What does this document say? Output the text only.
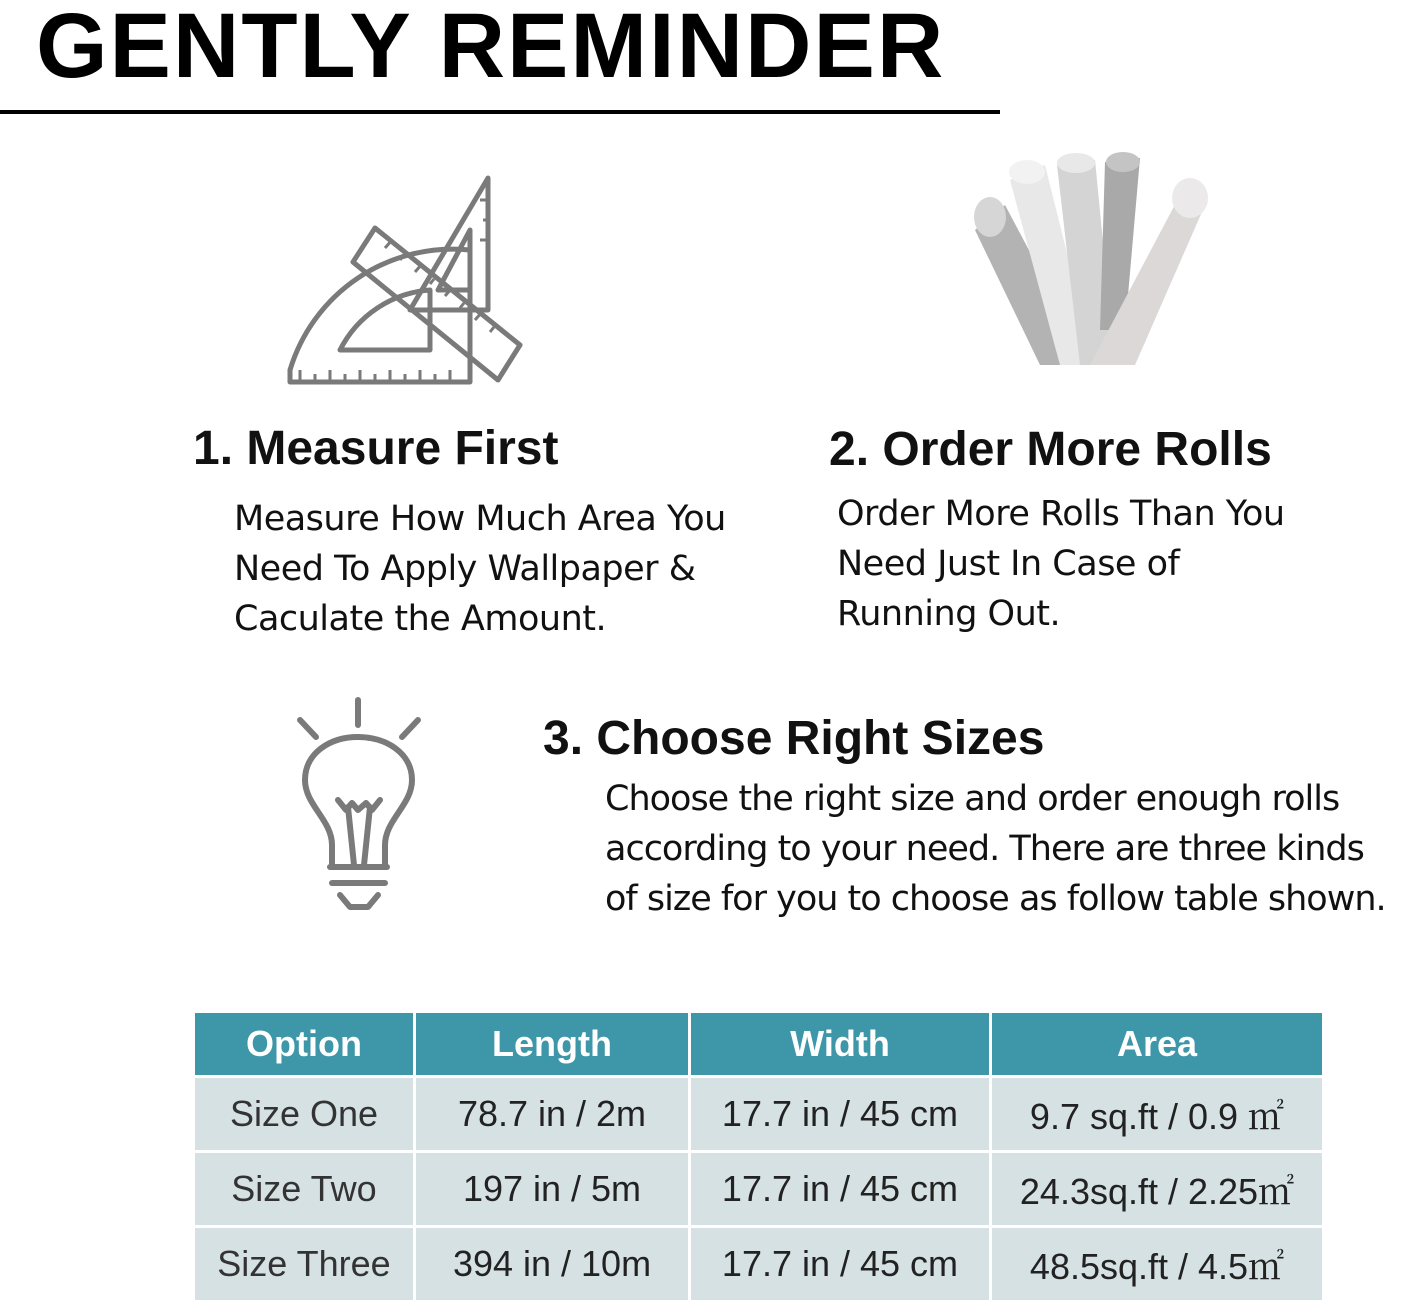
GENTLY REMINDER
1. Measure First
Measure How Much Area You
Need To Apply Wallpaper &
Caculate the Amount.
2. Order More Rolls
Order More Rolls Than You
Need Just In Case of
Running Out.
3. Choose Right Sizes
Choose the right size and order enough rolls
according to your need. There are three kinds
of size for you to choose as follow table shown.
Option	Length	Width	Area
Size One	78.7 in / 2m	17.7 in / 45 cm	9.7 sq.ft / 0.9 ㎡
Size Two	197 in / 5m	17.7 in / 45 cm	24.3sq.ft / 2.25㎡
Size Three	394 in / 10m	17.7 in / 45 cm	48.5sq.ft / 4.5㎡
